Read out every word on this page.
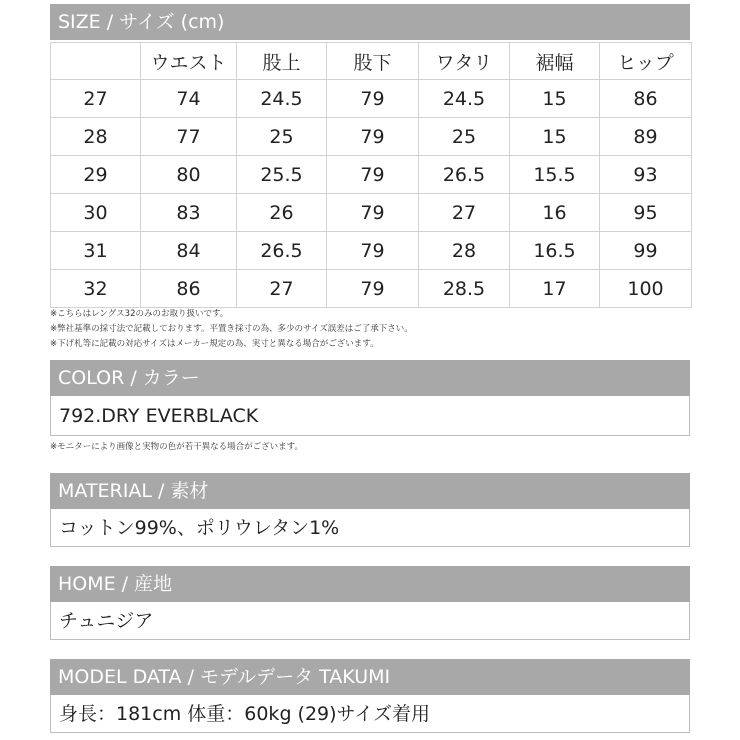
SIZE / サイズ (cm)
	ウエスト	股上	股下	ワタリ	裾幅	ヒップ
27	74	24.5	79	24.5	15	86
28	77	25	79	25	15	89
29	80	25.5	79	26.5	15.5	93
30	83	26	79	27	16	95
31	84	26.5	79	28	16.5	99
32	86	27	79	28.5	17	100
※こちらはレングス32のみのお取り扱いです。
※弊社基準の採寸法で記載しております。平置き採寸の為、多少のサイズ誤差はご了承下さい。
※下げ札等に記載の対応サイズはメーカー規定の為、実寸と異なる場合がございます。
COLOR / カラー
792.DRY EVERBLACK
※モニターにより画像と実物の色が若干異なる場合がございます。
MATERIAL / 素材
コットン99%、ポリウレタン1%
HOME / 産地
チュニジア
MODEL DATA / モデルデータ TAKUMI
身長：181cm 体重：60kg (29)サイズ着用
